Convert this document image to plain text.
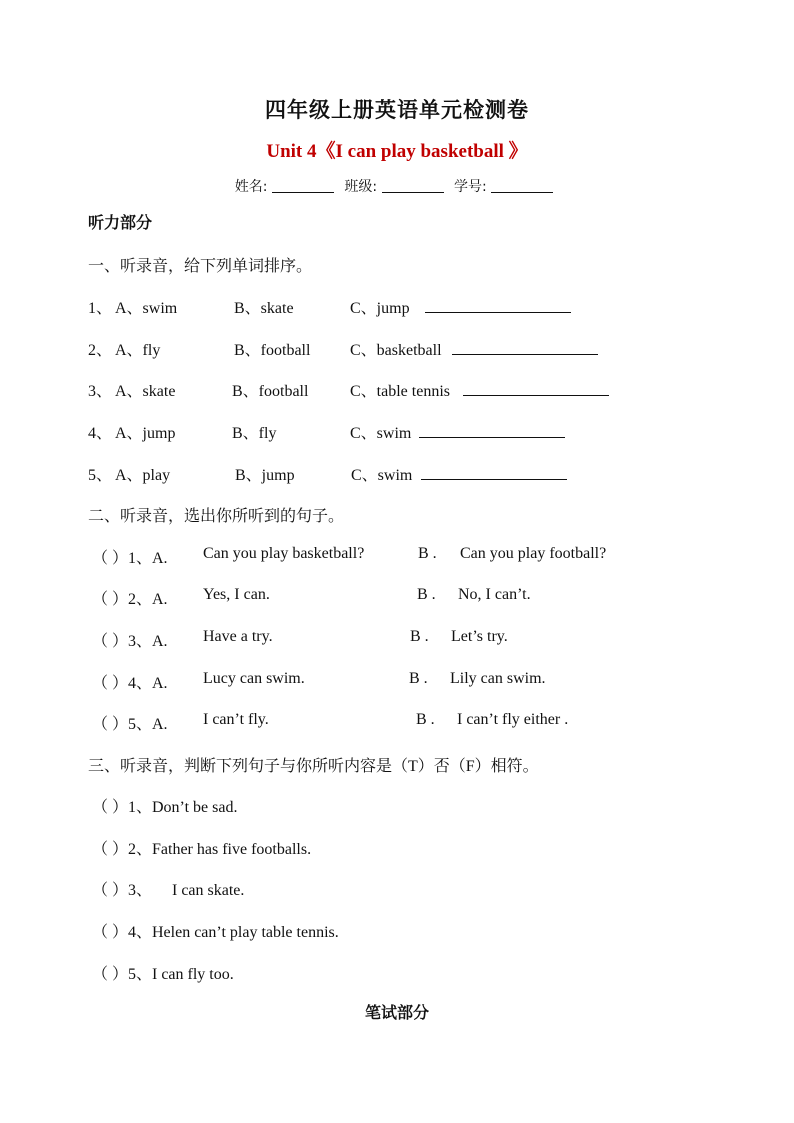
四年级上册英语单元检测卷
Unit 4《I can play basketball 》
姓名:	班级:	学号:
听力部分
一、听录音，给下列单词排序。
1、 A、swim	B、skate	C、jump
2、 A、fly	B、football C、basketball
3、 A、skate	B、football	C、table tennis
4、 A、jump	B、fly	C、swim
5、 A、play	B、jump	C、swim
二、听录音，选出你所听到的句子。
（ ）1、A. Can you play basketball?	B . Can you play football?
（ ）2、A. Yes, I can.	B . No, I can’t.
（ ）3、A. Have a try.	B . Let’s try.
（ ）4、A. Lucy can swim.	B . Lily can swim.
（ ）5、A. I can’t fly.	B . I can’t fly either .
三、听录音，判断下列句子与你所听内容是（T）否（F）相符。
（ ）1、Don’t be sad.
（ ）2、Father has five footballs.
（ ）3、     I can skate.
（ ）4、Helen can’t play table tennis.
（ ）5、I can fly too.
笔试部分
